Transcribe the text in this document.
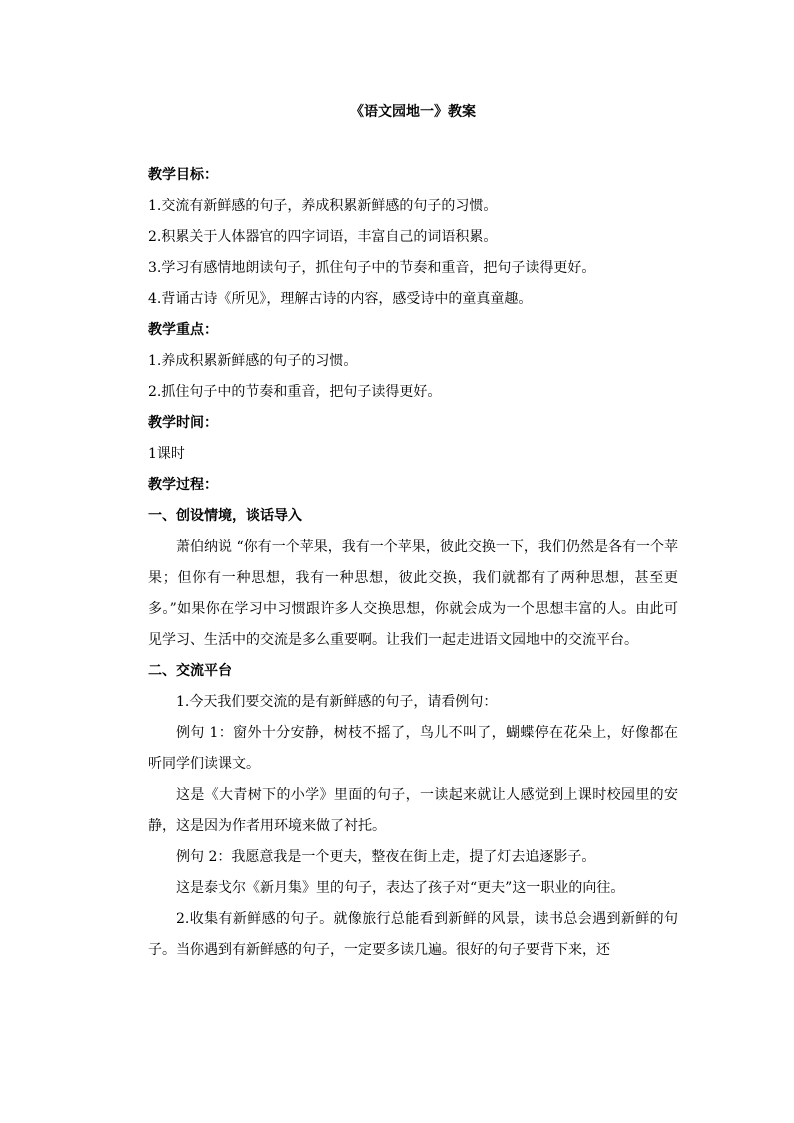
《语文园地一》教案
教学目标：
1.交流有新鲜感的句子，养成积累新鲜感的句子的习惯。
2.积累关于人体器官的四字词语，丰富自己的词语积累。
3.学习有感情地朗读句子，抓住句子中的节奏和重音，把句子读得更好。
4.背诵古诗《所见》，理解古诗的内容，感受诗中的童真童趣。
教学重点：
1.养成积累新鲜感的句子的习惯。
2.抓住句子中的节奏和重音，把句子读得更好。
教学时间：
1课时
教学过程：
一、创设情境，谈话导入
萧伯纳说 “你有一个苹果，我有一个苹果，彼此交换一下，我们仍然是各有一个苹果；但你有一种思想，我有一种思想，彼此交换，我们就都有了两种思想，甚至更多。”如果你在学习中习惯跟许多人交换思想，你就会成为一个思想丰富的人。由此可见学习、生活中的交流是多么重要啊。让我们一起走进语文园地中的交流平台。
二、交流平台
1.今天我们要交流的是有新鲜感的句子，请看例句：
例句 1：窗外十分安静，树枝不摇了，鸟儿不叫了，蝴蝶停在花朵上，好像都在听同学们读课文。
这是《大青树下的小学》里面的句子，一读起来就让人感觉到上课时校园里的安静，这是因为作者用环境来做了衬托。
例句 2：我愿意我是一个更夫，整夜在街上走，提了灯去追逐影子。
这是泰戈尔《新月集》里的句子，表达了孩子对“更夫”这一职业的向往。
2.收集有新鲜感的句子。就像旅行总能看到新鲜的风景，读书总会遇到新鲜的句子。当你遇到有新鲜感的句子，一定要多读几遍。很好的句子要背下来，还
